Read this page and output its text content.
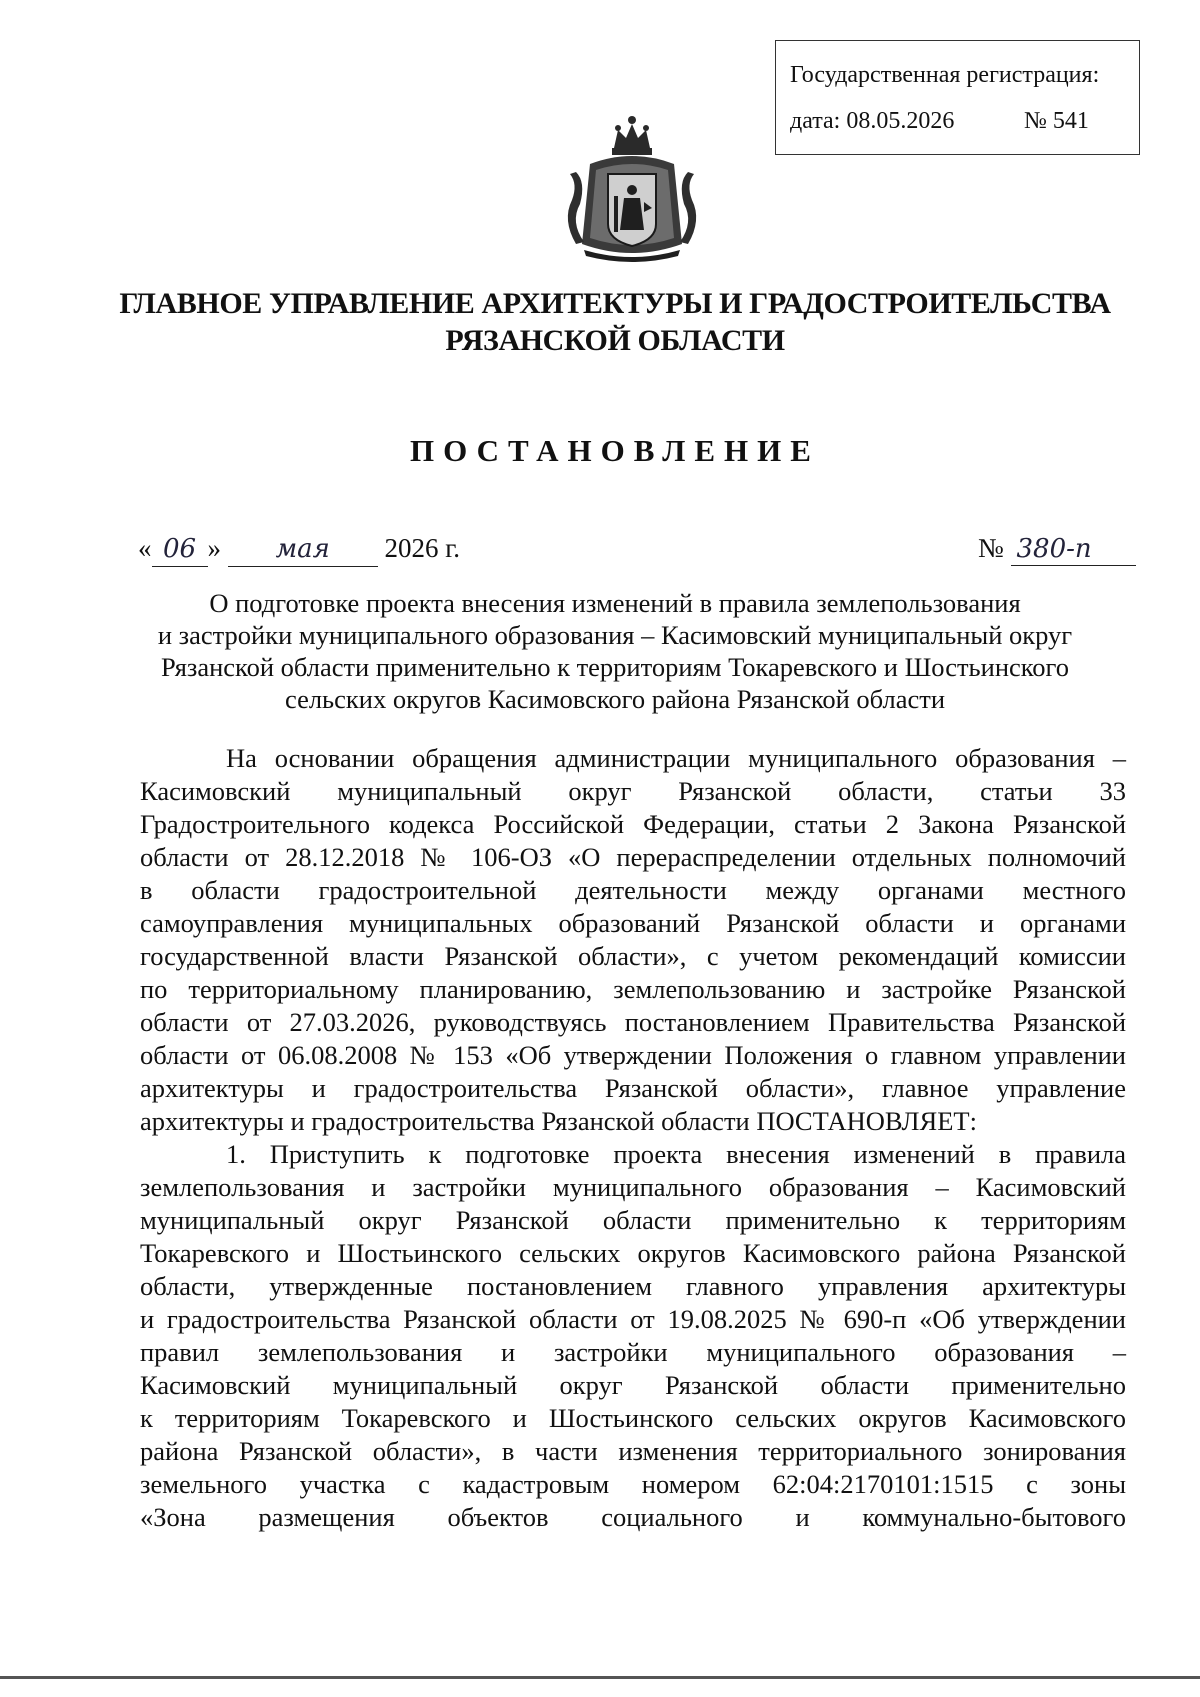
Государственная регистрация:
дата: 08.05.2026	№ 541
ГЛАВНОЕ УПРАВЛЕНИЕ АРХИТЕКТУРЫ И ГРАДОСТРОИТЕЛЬСТВА
РЯЗАНСКОЙ ОБЛАСТИ
ПОСТАНОВЛЕНИЕ
« 06 » мая 2026 г.	№ 380-п
О подготовке проекта внесения изменений в правила землепользования
и застройки муниципального образования – Касимовский муниципальный округ
Рязанской области применительно к территориям Токаревского и Шостьинского
сельских округов Касимовского района Рязанской области
На основании обращения администрации муниципального образования –
Касимовский муниципальный округ Рязанской области, статьи 33
Градостроительного кодекса Российской Федерации, статьи 2 Закона Рязанской
области от 28.12.2018 № 106-ОЗ «О перераспределении отдельных полномочий
в области градостроительной деятельности между органами местного
самоуправления муниципальных образований Рязанской области и органами
государственной власти Рязанской области», с учетом рекомендаций комиссии
по территориальному планированию, землепользованию и застройке Рязанской
области от 27.03.2026, руководствуясь постановлением Правительства Рязанской
области от 06.08.2008 № 153 «Об утверждении Положения о главном управлении
архитектуры и градостроительства Рязанской области», главное управление
архитектуры и градостроительства Рязанской области ПОСТАНОВЛЯЕТ:
1. Приступить к подготовке проекта внесения изменений в правила
землепользования и застройки муниципального образования – Касимовский
муниципальный округ Рязанской области применительно к территориям
Токаревского и Шостьинского сельских округов Касимовского района Рязанской
области, утвержденные постановлением главного управления архитектуры
и градостроительства Рязанской области от 19.08.2025 № 690-п «Об утверждении
правил землепользования и застройки муниципального образования –
Касимовский муниципальный округ Рязанской области применительно
к территориям Токаревского и Шостьинского сельских округов Касимовского
района Рязанской области», в части изменения территориального зонирования
земельного участка с кадастровым номером 62:04:2170101:1515 с зоны
«Зона размещения объектов социального и коммунально-бытового
